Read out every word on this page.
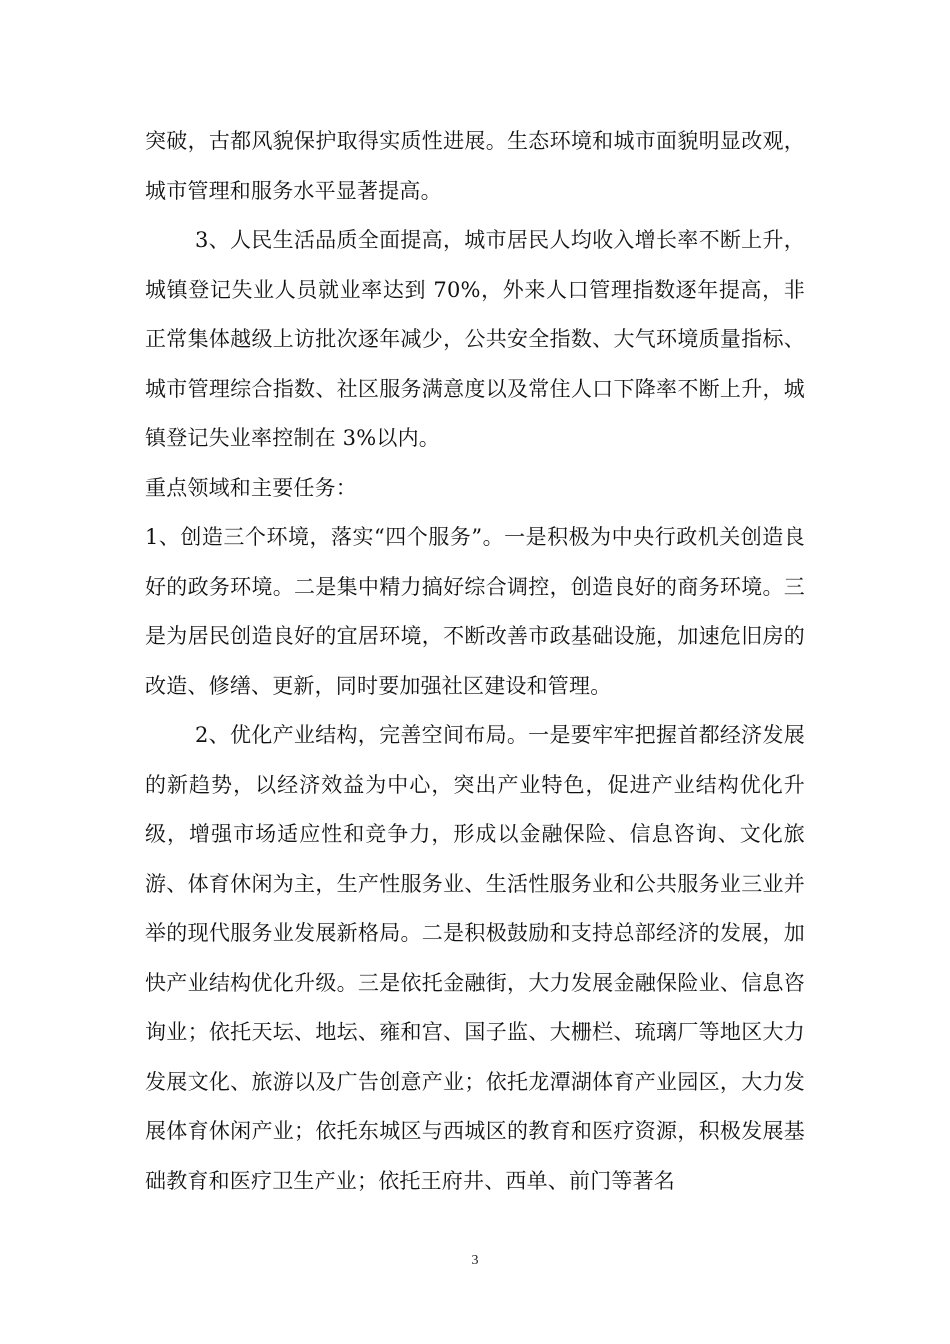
突破，古都风貌保护取得实质性进展。生态环境和城市面貌明显改观，城市管理和服务水平显著提高。

3、人民生活品质全面提高，城市居民人均收入增长率不断上升，城镇登记失业人员就业率达到 70%，外来人口管理指数逐年提高，非正常集体越级上访批次逐年减少，公共安全指数、大气环境质量指标、城市管理综合指数、社区服务满意度以及常住人口下降率不断上升，城镇登记失业率控制在 3%以内。

重点领域和主要任务：

1、创造三个环境，落实“四个服务”。一是积极为中央行政机关创造良好的政务环境。二是集中精力搞好综合调控，创造良好的商务环境。三是为居民创造良好的宜居环境，不断改善市政基础设施，加速危旧房的改造、修缮、更新，同时要加强社区建设和管理。

2、优化产业结构，完善空间布局。一是要牢牢把握首都经济发展的新趋势，以经济效益为中心，突出产业特色，促进产业结构优化升级，增强市场适应性和竞争力，形成以金融保险、信息咨询、文化旅游、体育休闲为主，生产性服务业、生活性服务业和公共服务业三业并举的现代服务业发展新格局。二是积极鼓励和支持总部经济的发展，加快产业结构优化升级。三是依托金融街，大力发展金融保险业、信息咨询业；依托天坛、地坛、雍和宫、国子监、大栅栏、琉璃厂等地区大力发展文化、旅游以及广告创意产业；依托龙潭湖体育产业园区，大力发展体育休闲产业；依托东城区与西城区的教育和医疗资源，积极发展基础教育和医疗卫生产业；依托王府井、西单、前门等著名

3
